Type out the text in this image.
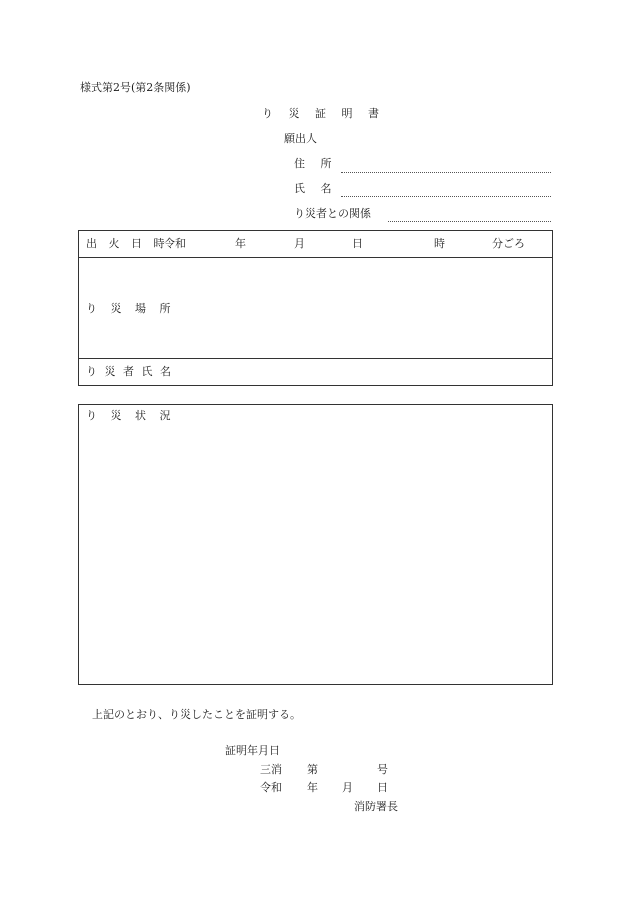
様式第2号(第2条関係)
り 災 証 明 書
願出人
住 所
氏 名
り災者との関係
出 火 日 時
令和	年	月	日	時	分ごろ
り 災 場 所
り 災 者 氏 名
り 災 状 況
上記のとおり、り災したことを証明する。
証明年月日
三消 第	号
令和 年 月 日
消防署長
